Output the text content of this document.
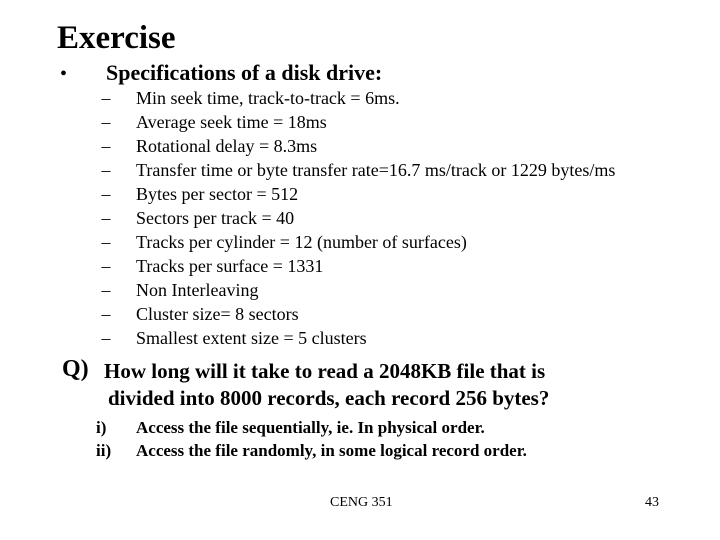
Exercise
• Specifications of a disk drive:
–	Min seek time, track-to-track = 6ms.
–	Average seek time = 18ms
–	Rotational delay = 8.3ms
–	Transfer time or byte transfer rate=16.7 ms/track or 1229 bytes/ms
–	Bytes per sector = 512
–	Sectors per track = 40
–	Tracks per cylinder = 12 (number of surfaces)
–	Tracks per surface = 1331
–	Non Interleaving
–	Cluster size= 8 sectors
–	Smallest extent size = 5 clusters
Q) How long will it take to read a 2048KB file that is
divided into 8000 records, each record 256 bytes?
i) Access the file sequentially, ie. In physical order.
ii) Access the file randomly, in some logical record order.
CENG 351	43
